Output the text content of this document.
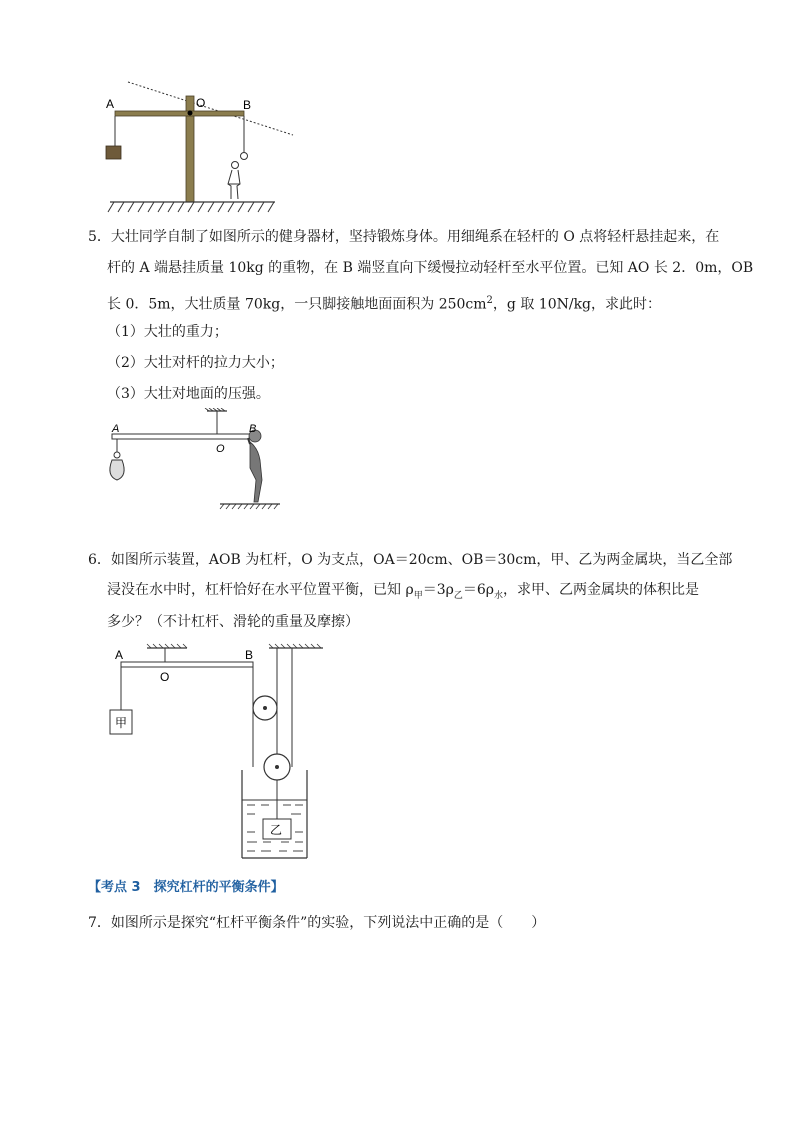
A	O	B
5．大壮同学自制了如图所示的健身器材，坚持锻炼身体。用细绳系在轻杆的 O 点将轻杆悬挂起来，在
杆的 A 端悬挂质量 10kg 的重物，在 B 端竖直向下缓慢拉动轻杆至水平位置。已知 AO 长 2．0m，OB
长 0．5m，大壮质量 70kg，一只脚接触地面面积为 $250cm^2$，g 取 10N/kg，求此时：
（1）大壮的重力；
（2）大壮对杆的拉力大小；
（3）大壮对地面的压强。
A
O
B
6．如图所示装置，AOB 为杠杆，O 为支点，OA＝20cm、OB＝30cm，甲、乙为两金属块，当乙全部
浸没在水中时，杠杆恰好在水平位置平衡，已知 $\rho_甲=3\rho_乙=6\rho_水$，求甲、乙两金属块的体积比是
多少？（不计杠杆、滑轮的重量及摩擦）
甲
乙
A
O
B
【考点 3　探究杠杆的平衡条件】
7．如图所示是探究“杠杆平衡条件”的实验，下列说法中正确的是（　　）
